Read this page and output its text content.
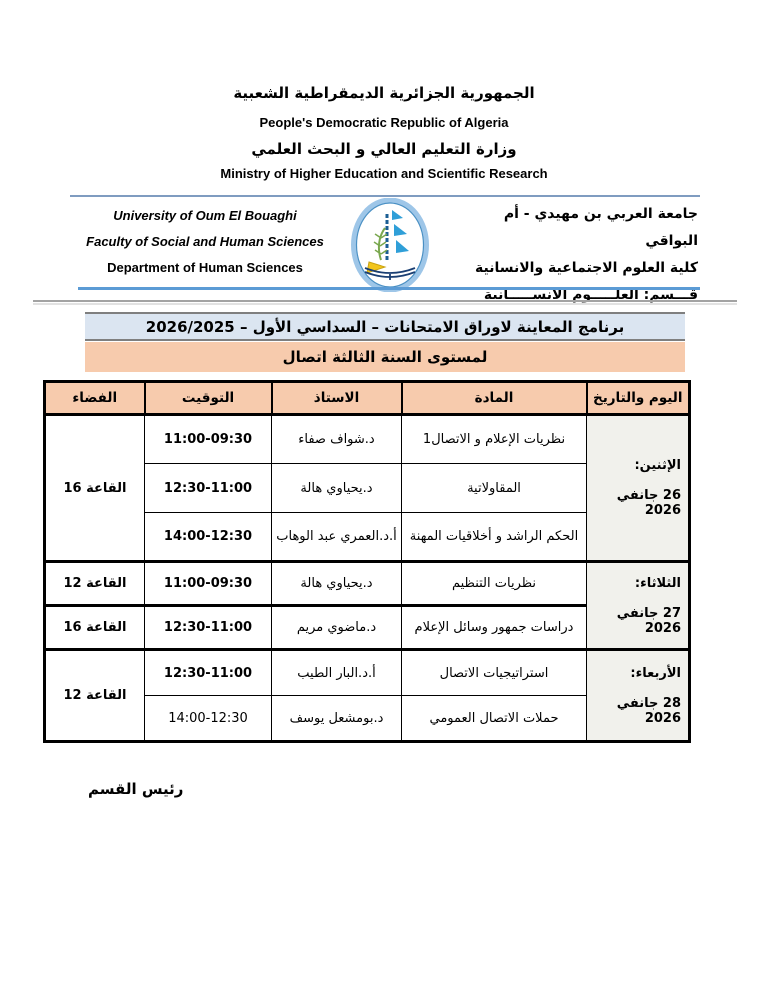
الجمهورية الجزائرية الديمقراطية الشعبية
People's Democratic Republic of Algeria
وزارة التعليم العالي و البحث العلمي
Ministry of Higher Education and Scientific Research
University of Oum El Bouaghi
Faculty of Social and Human Sciences
Department of Human Sciences
جامعة العربي بن مهيدي - أم البواقي
كلية العلوم الاجتماعية والانسانية
قـــسم: العلـــــوم الانســـــانية
برنامج المعاينة لاوراق الامتحانات – السداسي الأول – 2026/2025
لمستوى السنة الثالثة اتصال
اليوم والتاريخ	المادة	الاستاذ	التوقيت	الفضاء

الإثنين:
26 جانفي 2026	نظريات الإعلام و الاتصال1	د.شواف صفاء	11:00-09:30	القاعة 16
	المقاولاتية	د.يحياوي هالة	12:30-11:00	
	الحكم الراشد و أخلاقيات المهنة	أ.د.العمري عبد الوهاب	14:00-12:30	

الثلاثاء:
27 جانفي 2026	نظريات التنظيم	د.يحياوي هالة	11:00-09:30	القاعة 12
	دراسات جمهور وسائل الإعلام	د.ماضوي مريم	12:30-11:00	القاعة 16

الأربعاء:
28 جانفي 2026	استراتيجيات الاتصال	أ.د.البار الطيب	12:30-11:00	القاعة 12
	حملات الاتصال العمومي	د.بومشعل يوسف	14:00-12:30	
رئيس القسم
